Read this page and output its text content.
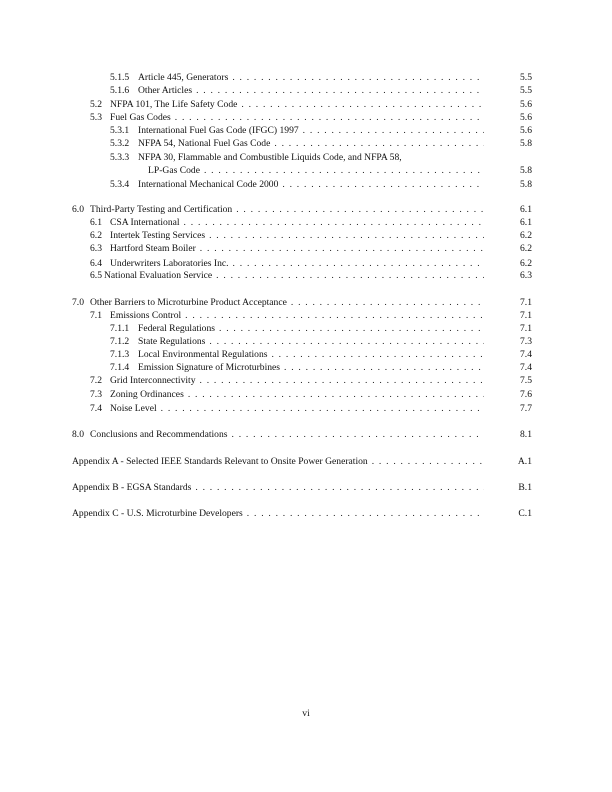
5.1.5 Article 445, Generators . . .	5.5
5.1.6 Other Articles . . .	5.5
5.2 NFPA 101, The Life Safety Code . . .	5.6
5.3 Fuel Gas Codes . . .	5.6
5.3.1 International Fuel Gas Code (IFGC) 1997 . . .	5.6
5.3.2 NFPA 54, National Fuel Gas Code . . .	5.8
5.3.3 NFPA 30, Flammable and Combustible Liquids Code, and NFPA 58,
LP-Gas Code . . .	5.8
5.3.4 International Mechanical Code 2000 . . .	5.8
6.0 Third-Party Testing and Certification . . .	6.1
6.1 CSA International . . .	6.1
6.2 Intertek Testing Services . . .	6.2
6.3 Hartford Steam Boiler . . .	6.2
6.4 Underwriters Laboratories Inc. . . .	6.2
6.5 National Evaluation Service . . .	6.3
7.0 Other Barriers to Microturbine Product Acceptance . . .	7.1
7.1 Emissions Control . . .	7.1
7.1.1 Federal Regulations . . .	7.1
7.1.2 State Regulations . . .	7.3
7.1.3 Local Environmental Regulations . . .	7.4
7.1.4 Emission Signature of Microturbines . . .	7.4
7.2 Grid Interconnectivity . . .	7.5
7.3 Zoning Ordinances . . .	7.6
7.4 Noise Level . . .	7.7
8.0 Conclusions and Recommendations . . .	8.1
Appendix A - Selected IEEE Standards Relevant to Onsite Power Generation . . .	A.1
Appendix B - EGSA Standards . . .	B.1
Appendix C - U.S. Microturbine Developers . . .	C.1
vi
